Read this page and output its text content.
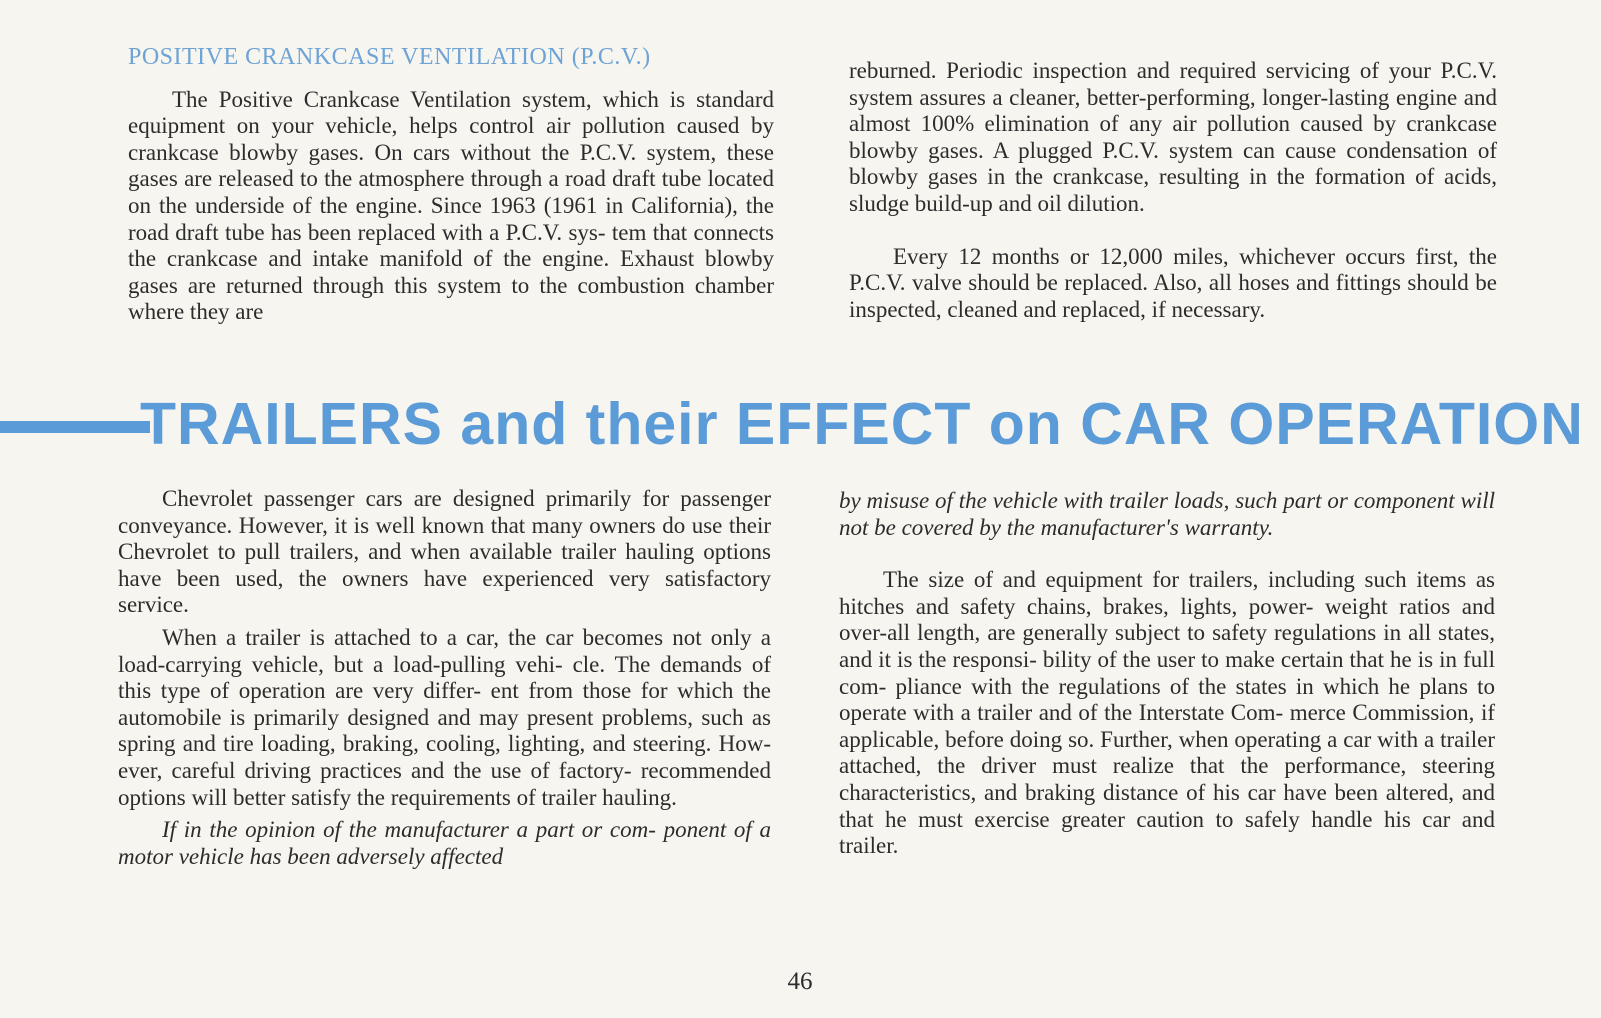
POSITIVE CRANKCASE VENTILATION (P.C.V.)

The Positive Crankcase Ventilation system, which is standard equipment on your vehicle, helps control air pollution caused by crankcase blowby gases. On cars without the P.C.V. system, these gases are released to the atmosphere through a road draft tube located on the underside of the engine. Since 1963 (1961 in California), the road draft tube has been replaced with a P.C.V. sys- tem that connects the crankcase and intake manifold of the engine. Exhaust blowby gases are returned through this system to the combustion chamber where they are

reburned. Periodic inspection and required servicing of your P.C.V. system assures a cleaner, better-performing, longer-lasting engine and almost 100% elimination of any air pollution caused by crankcase blowby gases. A plugged P.C.V. system can cause condensation of blowby gases in the crankcase, resulting in the formation of acids, sludge build-up and oil dilution.

Every 12 months or 12,000 miles, whichever occurs first, the P.C.V. valve should be replaced. Also, all hoses and fittings should be inspected, cleaned and replaced, if necessary.

TRAILERS and their EFFECT on CAR OPERATION

Chevrolet passenger cars are designed primarily for passenger conveyance. However, it is well known that many owners do use their Chevrolet to pull trailers, and when available trailer hauling options have been used, the owners have experienced very satisfactory service.

When a trailer is attached to a car, the car becomes not only a load-carrying vehicle, but a load-pulling vehi- cle. The demands of this type of operation are very differ- ent from those for which the automobile is primarily designed and may present problems, such as spring and tire loading, braking, cooling, lighting, and steering. How- ever, careful driving practices and the use of factory- recommended options will better satisfy the requirements of trailer hauling.

If in the opinion of the manufacturer a part or com- ponent of a motor vehicle has been adversely affected

by misuse of the vehicle with trailer loads, such part or component will not be covered by the manufacturer's warranty.

The size of and equipment for trailers, including such items as hitches and safety chains, brakes, lights, power- weight ratios and over-all length, are generally subject to safety regulations in all states, and it is the responsi- bility of the user to make certain that he is in full com- pliance with the regulations of the states in which he plans to operate with a trailer and of the Interstate Com- merce Commission, if applicable, before doing so. Further, when operating a car with a trailer attached, the driver must realize that the performance, steering characteristics, and braking distance of his car have been altered, and that he must exercise greater caution to safely handle his car and trailer.

46
